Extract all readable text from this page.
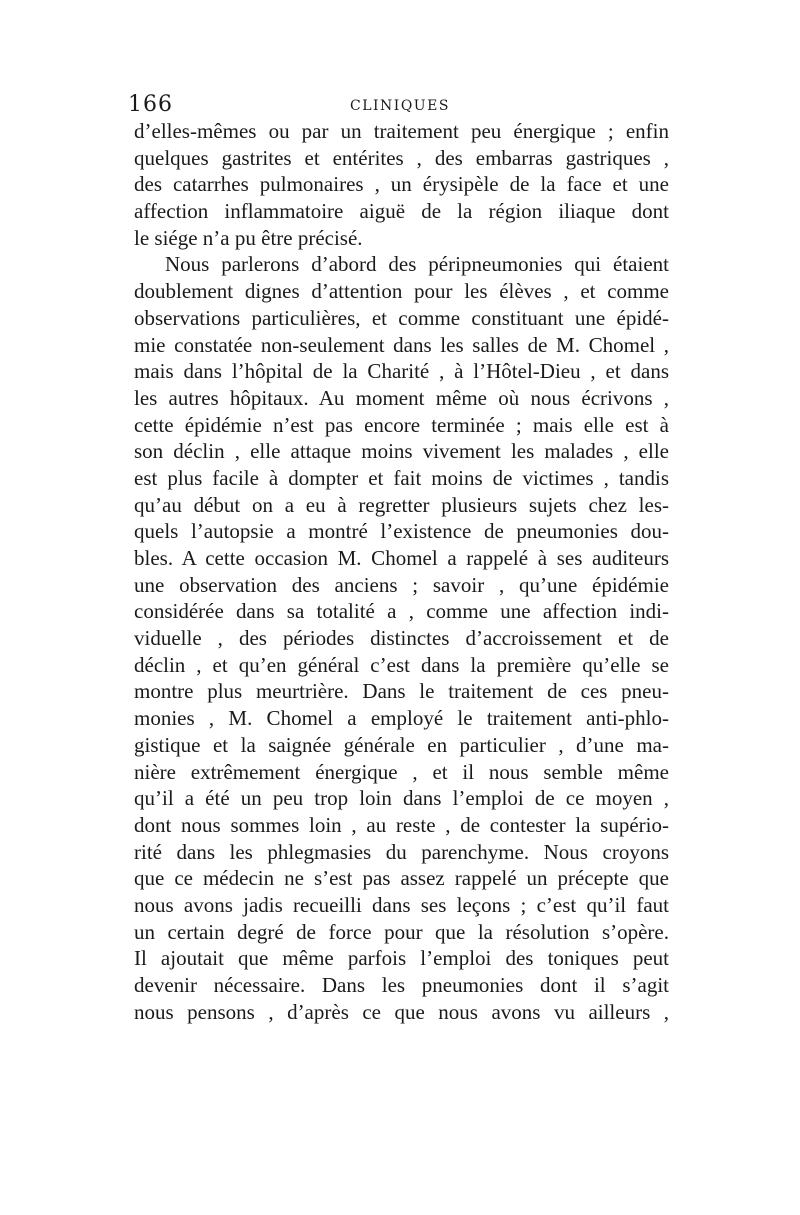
166	CLINIQUES
d’elles-mêmes ou par un traitement peu énergique ; enfin
quelques gastrites et entérites , des embarras gastriques ,
des catarrhes pulmonaires , un érysipèle de la face et une
affection inflammatoire aiguë de la région iliaque dont
le siége n’a pu être précisé.
Nous parlerons d’abord des péripneumonies qui étaient
doublement dignes d’attention pour les élèves , et comme
observations particulières, et comme constituant une épidé-
mie constatée non-seulement dans les salles de M. Chomel ,
mais dans l’hôpital de la Charité , à l’Hôtel-Dieu , et dans
les autres hôpitaux. Au moment même où nous écrivons ,
cette épidémie n’est pas encore terminée ; mais elle est à
son déclin , elle attaque moins vivement les malades , elle
est plus facile à dompter et fait moins de victimes , tandis
qu’au début on a eu à regretter plusieurs sujets chez les-
quels l’autopsie a montré l’existence de pneumonies dou-
bles. A cette occasion M. Chomel a rappelé à ses auditeurs
une observation des anciens ; savoir , qu’une épidémie
considérée dans sa totalité a , comme une affection indi-
viduelle , des périodes distinctes d’accroissement et de
déclin , et qu’en général c’est dans la première qu’elle se
montre plus meurtrière. Dans le traitement de ces pneu-
monies , M. Chomel a employé le traitement anti-phlo-
gistique et la saignée générale en particulier , d’une ma-
nière extrêmement énergique , et il nous semble même
qu’il a été un peu trop loin dans l’emploi de ce moyen ,
dont nous sommes loin , au reste , de contester la supério-
rité dans les phlegmasies du parenchyme. Nous croyons
que ce médecin ne s’est pas assez rappelé un précepte que
nous avons jadis recueilli dans ses leçons ; c’est qu’il faut
un certain degré de force pour que la résolution s’opère.
Il ajoutait que même parfois l’emploi des toniques peut
devenir nécessaire. Dans les pneumonies dont il s’agit
nous pensons , d’après ce que nous avons vu ailleurs ,
